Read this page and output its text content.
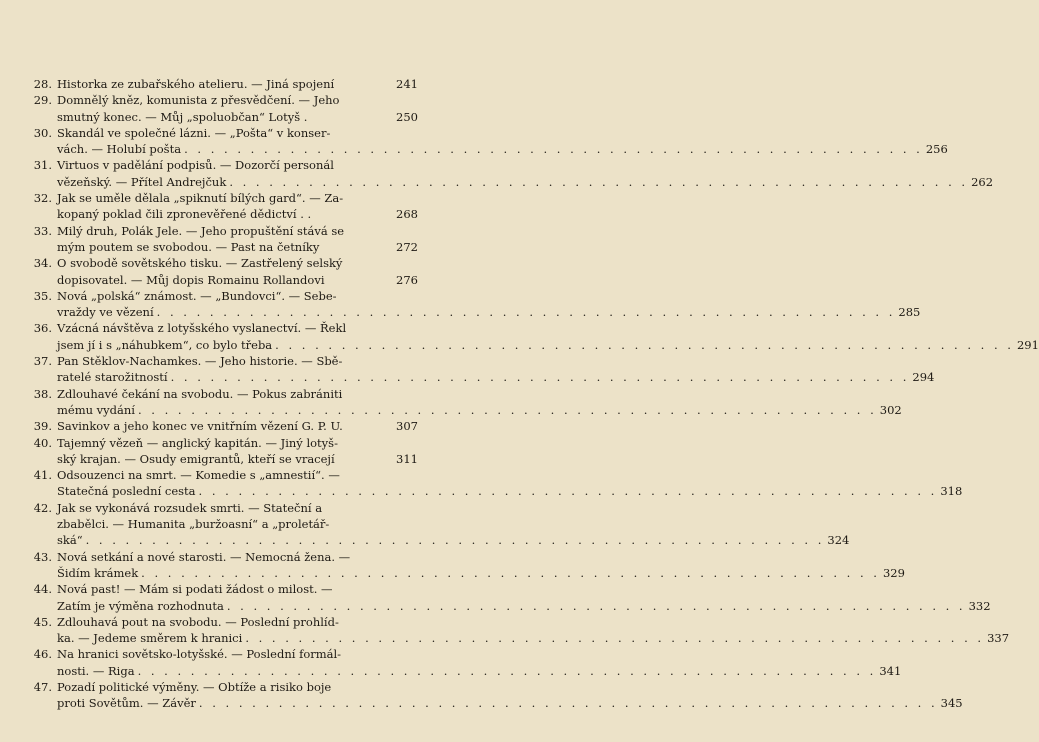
28. Historka ze zubařského atelieru. — Jiná spojení	241
29. Domnělý kněz, komunista z přesvědčení. — Jeho
smutný konec. — Můj „spoluobčan“ Lotyš .	250
30. Skandál ve společné lázni. — „Pošta“ v konser-
vách. — Holubí pošta . . .	256
31. Virtuos v padělání podpisů. — Dozorčí personál
vězeňský. — Přítel Andrejčuk . . .	262
32. Jak se uměle dělala „spiknutí bílých gard“. — Za-
kopaný poklad čili zpronevěřené dědictví . .	268
33. Milý druh, Polák Jele. — Jeho propuštění stává se
mým poutem se svobodou. — Past na četníky	272
34. O svobodě sovětského tisku. — Zastřelený selský
dopisovatel. — Můj dopis Romainu Rollandovi	276
35. Nová „polská“ známost. — „Bundovci“. — Sebe-
vraždy ve vězení . . .	285
36. Vzácná návštěva z lotyšského vyslanectví. — Řekl
jsem jí i s „náhubkem“, co bylo třeba . . .	291
37. Pan Stěklov-Nachamkes. — Jeho historie. — Sbě-
ratelé starožitností . . .	294
38. Zdlouhavé čekání na svobodu. — Pokus zabrániti
mému vydání . . .	302
39. Savinkov a jeho konec ve vnitřním vězení G. P. U.	307
40. Tajemný vězeň — anglický kapitán. — Jiný lotyš-
ský krajan. — Osudy emigrantů, kteří se vracejí	311
41. Odsouzenci na smrt. — Komedie s „amnestií“. —
Statečná poslední cesta . . .	318
42. Jak se vykonává rozsudek smrti. — Stateční a
zbabělci. — Humanita „buržoasní“ a „proletář-
ská“ . . .	324
43. Nová setkání a nové starosti. — Nemocná žena. —
Šidím krámek . . .	329
44. Nová past! — Mám si podati žádost o milost. —
Zatím je výměna rozhodnuta . . .	332
45. Zdlouhavá pout na svobodu. — Poslední prohlíd-
ka. — Jedeme směrem k hranici . . .	337
46. Na hranici sovětsko-lotyšské. — Poslední formál-
nosti. — Riga . . .	341
47. Pozadí politické výměny. — Obtíže a risiko boje
proti Sovětům. — Závěr . . .	345
